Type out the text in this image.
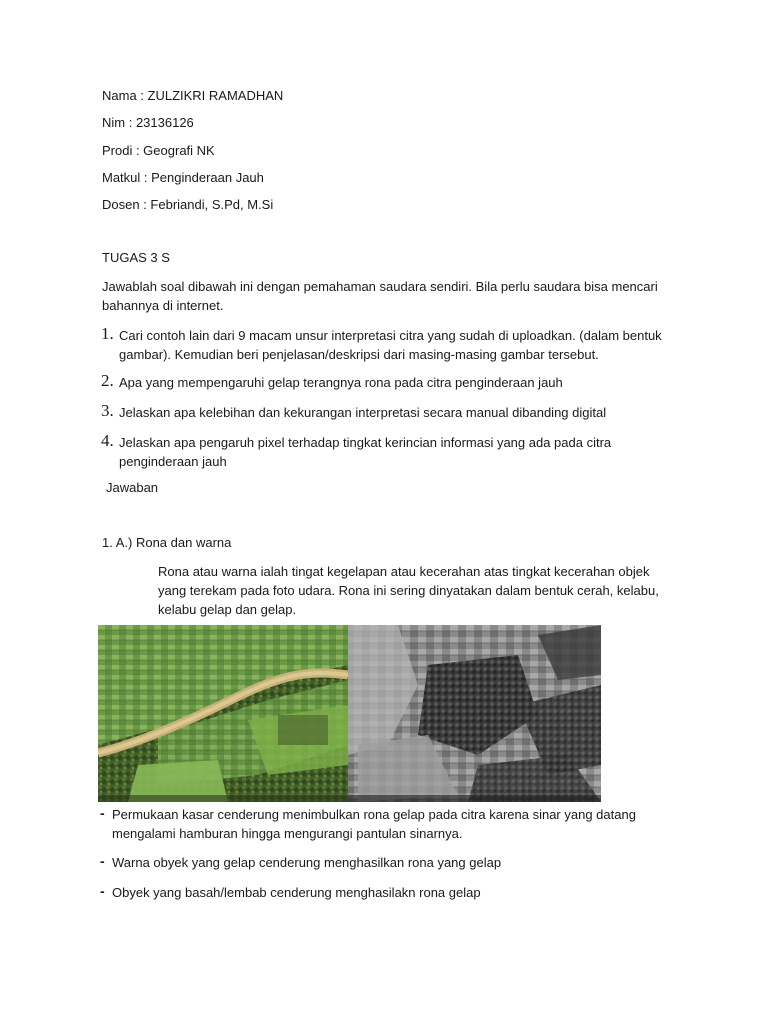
Nama : ZULZIKRI RAMADHAN
Nim : 23136126
Prodi : Geografi NK
Matkul : Penginderaan Jauh
Dosen : Febriandi, S.Pd, M.Si
TUGAS 3 S
Jawablah soal dibawah ini dengan pemahaman saudara sendiri. Bila perlu saudara bisa mencari bahannya di internet.
1. Cari contoh lain dari 9 macam unsur interpretasi citra yang sudah di uploadkan. (dalam bentuk gambar). Kemudian beri penjelasan/deskripsi dari masing-masing gambar tersebut.
2. Apa yang mempengaruhi gelap terangnya rona pada citra penginderaan jauh
3. Jelaskan apa kelebihan dan kekurangan interpretasi secara manual dibanding digital
4. Jelaskan apa pengaruh pixel terhadap tingkat kerincian informasi yang ada pada citra penginderaan jauh
Jawaban
1. A.) Rona dan warna
Rona atau warna ialah tingat kegelapan atau kecerahan atas tingkat kecerahan objek yang terekam pada foto udara. Rona ini sering dinyatakan dalam bentuk cerah, kelabu, kelabu gelap dan gelap.
- Permukaan kasar cenderung menimbulkan rona gelap pada citra karena sinar yang datang mengalami hamburan hingga mengurangi pantulan sinarnya.
- Warna obyek yang gelap cenderung menghasilkan rona yang gelap
- Obyek yang basah/lembab cenderung menghasilakn rona gelap
